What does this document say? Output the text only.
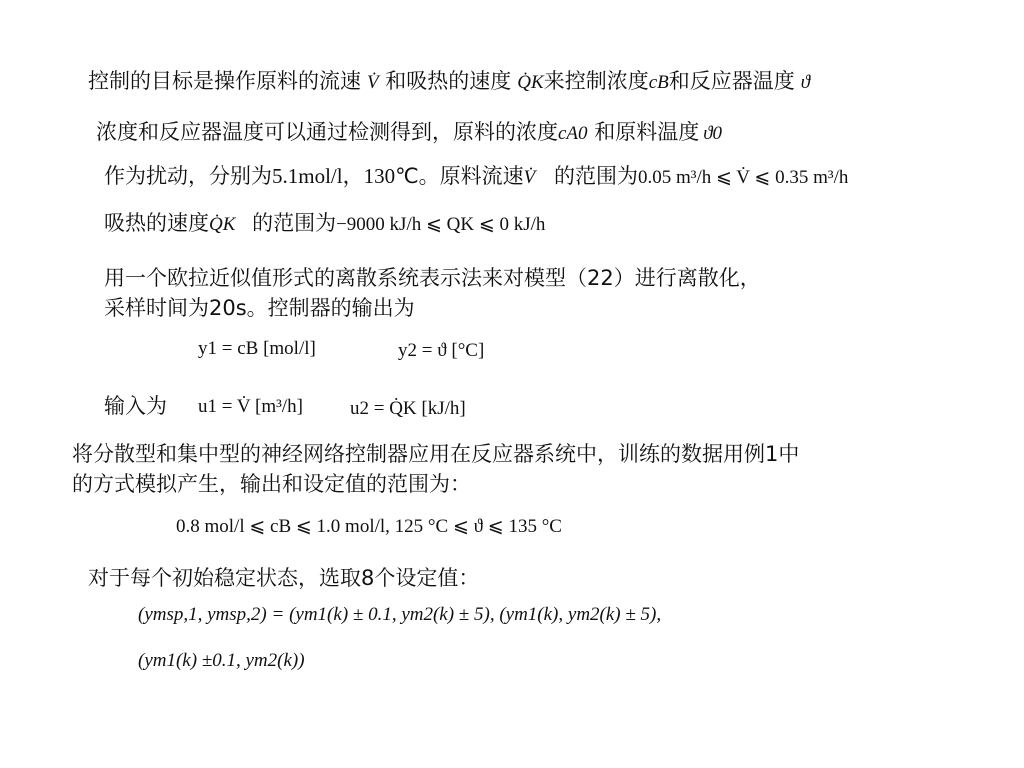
控制的目标是操作原料的流速 V̇ 和吸热的速度 Q̇K来控制浓度cB和反应器温度 ϑ
浓度和反应器温度可以通过检测得到，原料的浓度cA0 和原料温度 ϑ0
作为扰动，分别为5.1mol/l，130℃。原料流速V̇ 的范围为0.05 m³/h ⩽ V̇ ⩽ 0.35 m³/h
吸热的速度Q̇K 的范围为−9000 kJ/h ⩽ QK ⩽ 0 kJ/h
用一个欧拉近似值形式的离散系统表示法来对模型（22）进行离散化，
采样时间为20s。控制器的输出为
y1 = cB [mol/l]	y2 = ϑ [°C]
输入为 u1 = V̇ [m³/h] u2 = Q̇K [kJ/h]
将分散型和集中型的神经网络控制器应用在反应器系统中，训练的数据用例1中
的方式模拟产生，输出和设定值的范围为：
0.8 mol/l ⩽ cB ⩽ 1.0 mol/l, 125 °C ⩽ ϑ ⩽ 135 °C
对于每个初始稳定状态，选取8个设定值：
(ymsp,1, ymsp,2) = (ym1(k) ± 0.1, ym2(k) ± 5), (ym1(k), ym2(k) ± 5),
(ym1(k) ±0.1, ym2(k))
